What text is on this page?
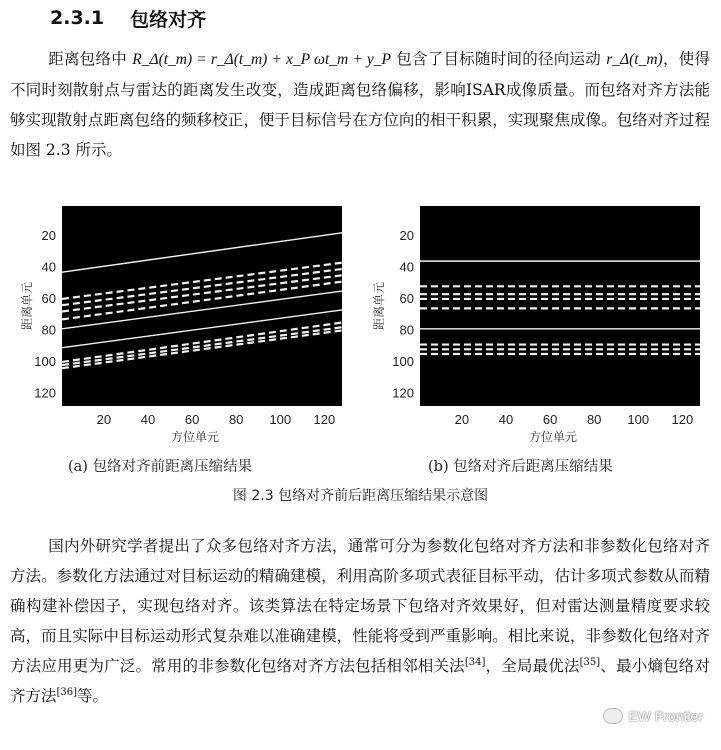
2.3.1 包络对齐

距离包络中 R_Δ(t_m) = r_Δ(t_m) + x_P ωt_m + y_P 包含了目标随时间的径向运动 r_Δ(t_m)，使得不同时刻散射点与雷达的距离发生改变，造成距离包络偏移，影响ISAR成像质量。而包络对齐方法能够实现散射点距离包络的频移校正，便于目标信号在方位向的相干积累，实现聚焦成像。包络对齐过程如图 2.3 所示。

20
40
60
80
100
120
20 40 60 80 100 120
距离单元
方位单元
(a) 包络对齐前距离压缩结果
20
40
60
80
100
120
20 40 60 80 100 120
距离单元
方位单元
(b) 包络对齐后距离压缩结果
图 2.3 包络对齐前后距离压缩结果示意图

国内外研究学者提出了众多包络对齐方法，通常可分为参数化包络对齐方法和非参数化包络对齐方法。参数化方法通过对目标运动的精确建模，利用高阶多项式表征目标平动，估计多项式参数从而精确构建补偿因子，实现包络对齐。该类算法在特定场景下包络对齐效果好，但对雷达测量精度要求较高，而且实际中目标运动形式复杂难以准确建模，性能将受到严重影响。相比来说，非参数化包络对齐方法应用更为广泛。常用的非参数化包络对齐方法包括相邻相关法[34]，全局最优法[35]、最小熵包络对齐方法[36]等。

EW Frontier
